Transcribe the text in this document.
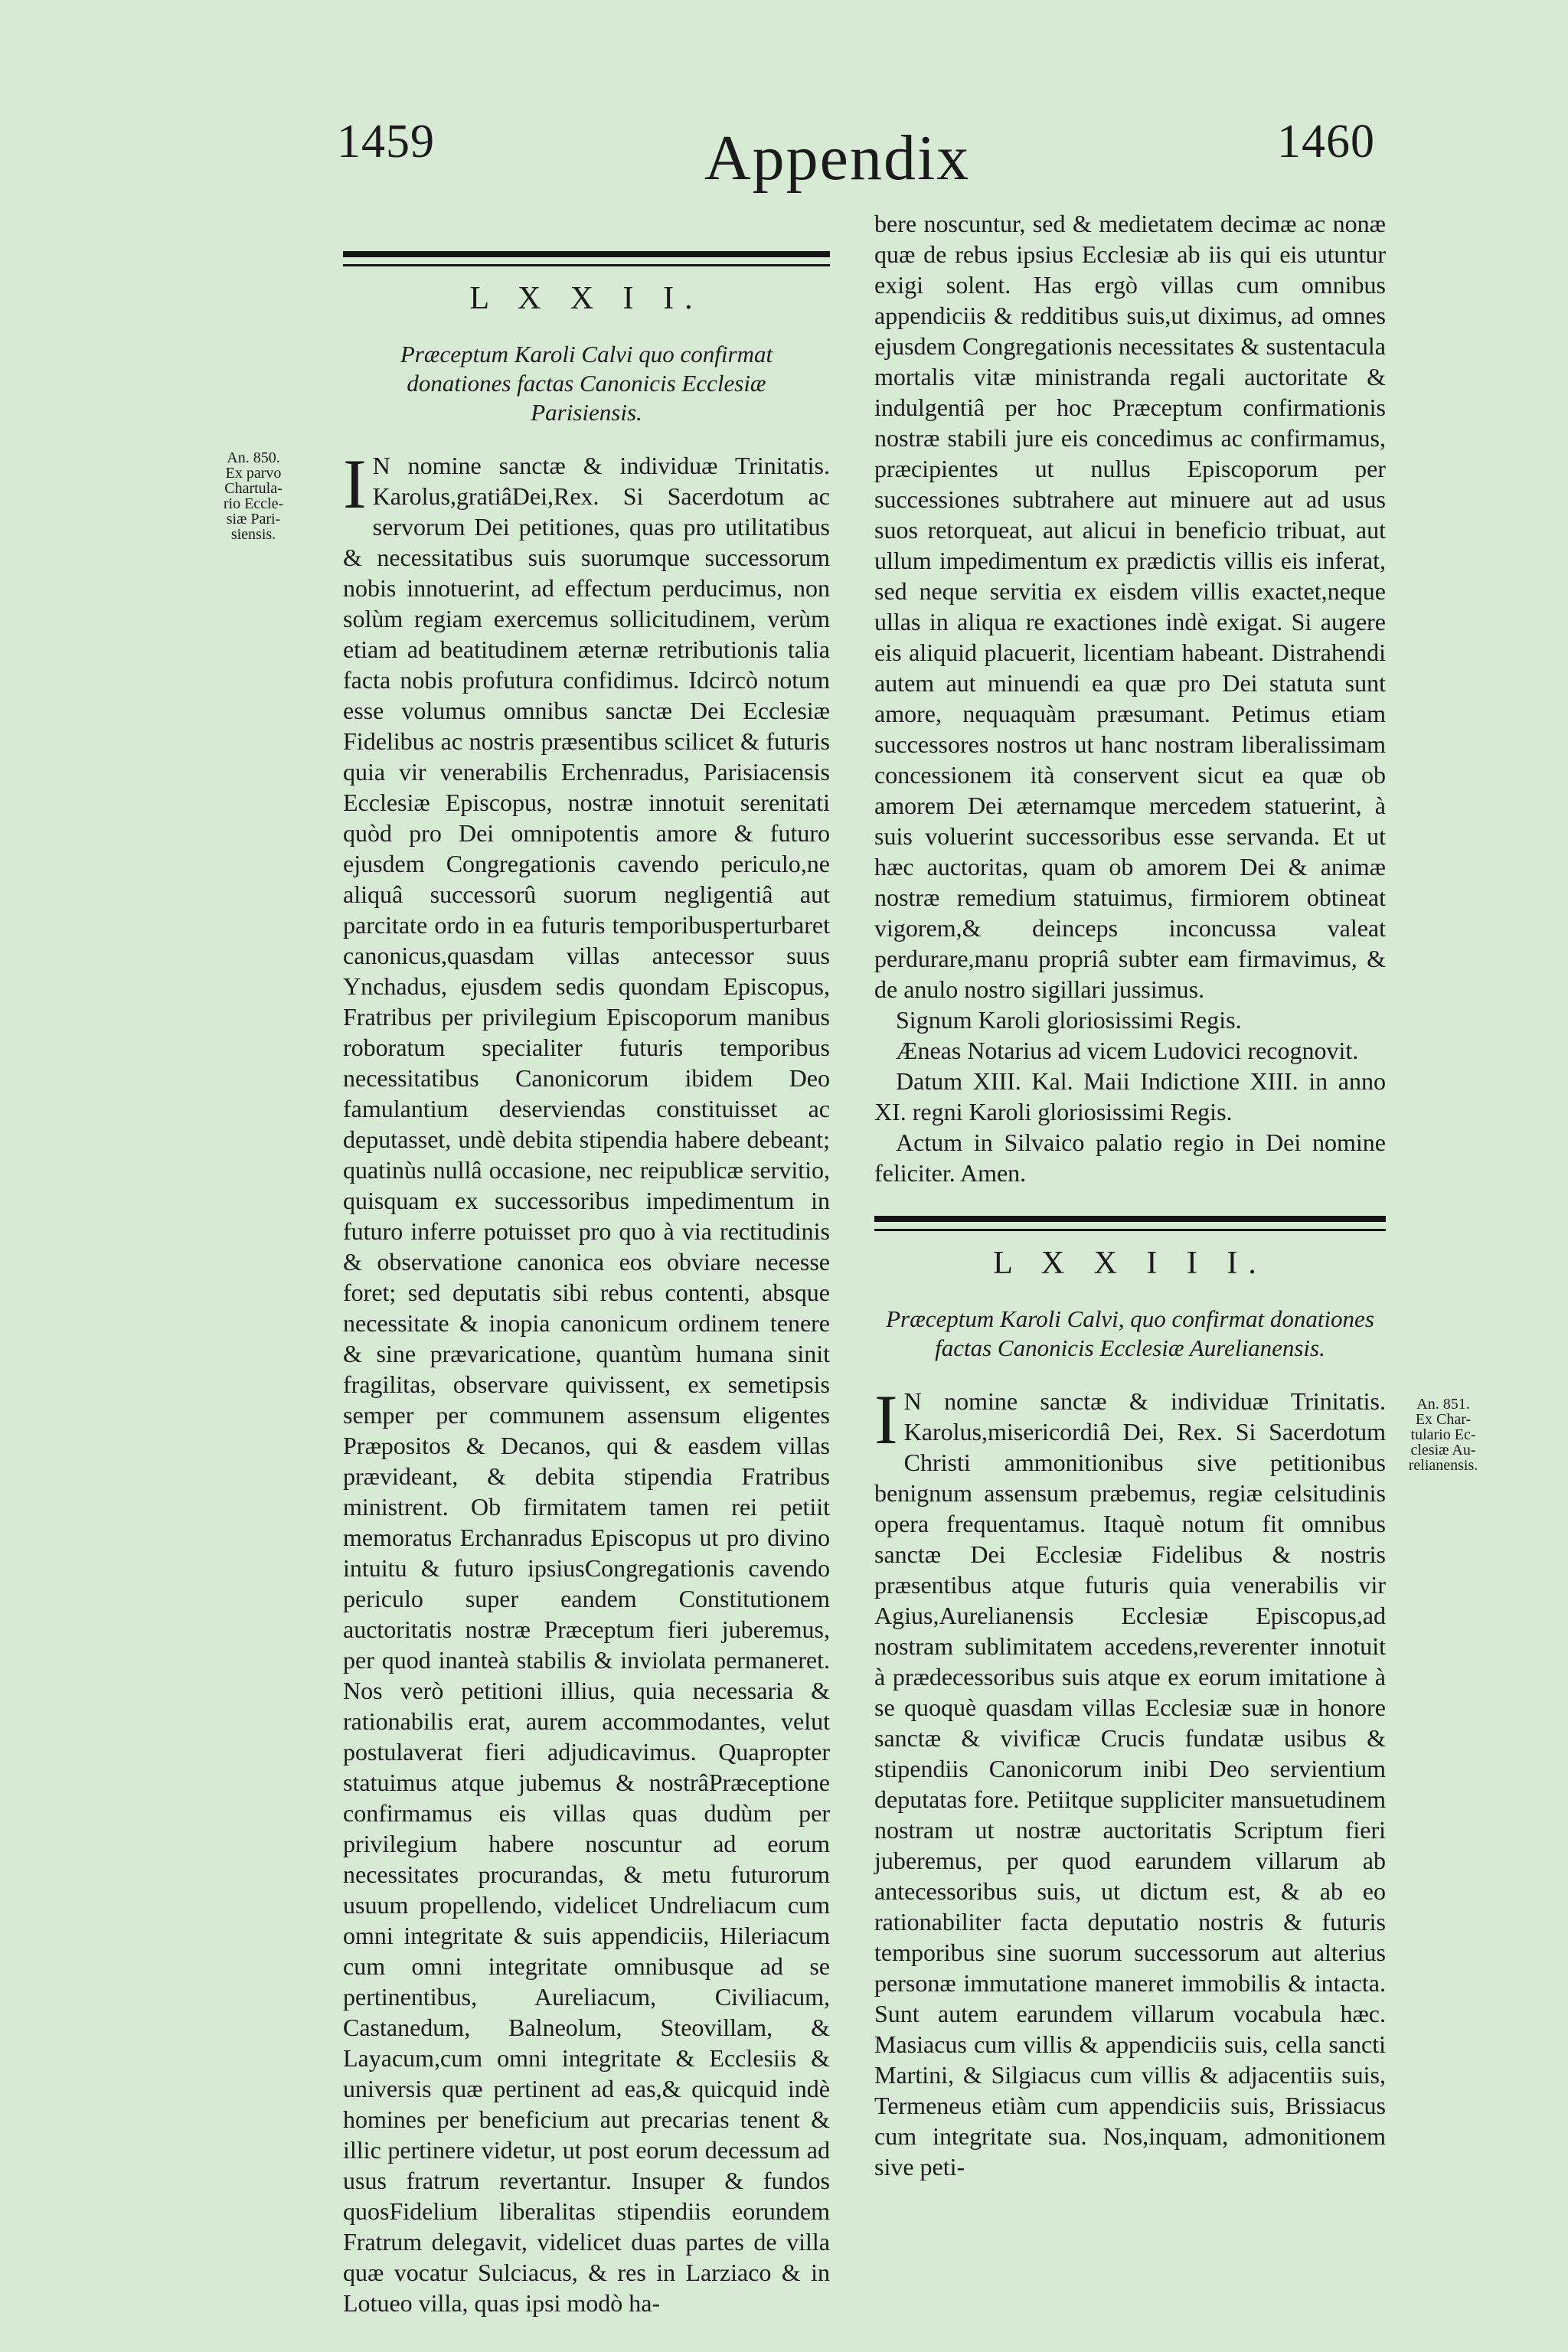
1459	Appendix	1460
An. 850.
Ex parvo
Chartula-
rio Eccle-
siæ Pari-
siensis.
L X X I I.
Præceptum Karoli Calvi quo confirmat donationes factas Canonicis Ecclesiæ Parisiensis.

I N nomine sanctæ & individuæ Trinitatis. Karolus,gratiâDei,Rex. Si Sacerdotum ac servorum Dei petitiones, quas pro utilitatibus & necessitatibus suis suorumque successorum nobis innotuerint, ad effectum perducimus, non solùm regiam exercemus sollicitudinem, verùm etiam ad beatitudinem æternæ retributionis talia facta nobis profutura confidimus. Idcircò notum esse volumus omnibus sanctæ Dei Ecclesiæ Fidelibus ac nostris præsentibus scilicet & futuris quia vir venerabilis Erchenradus, Parisiacensis Ecclesiæ Episcopus, nostræ innotuit serenitati quòd pro Dei omnipotentis amore & futuro ejusdem Congregationis cavendo periculo,ne aliquâ successorû suorum negligentiâ aut parcitate ordo in ea futuris temporibusperturbaret canonicus,quasdam villas antecessor suus Ynchadus, ejusdem sedis quondam Episcopus, Fratribus per privilegium Episcoporum manibus roboratum specialiter futuris temporibus necessitatibus Canonicorum ibidem Deo famulantium deserviendas constituisset ac deputasset, undè debita stipendia habere debeant; quatinùs nullâ occasione, nec reipublicæ servitio, quisquam ex successoribus impedimentum in futuro inferre potuisset pro quo à via rectitudinis & observatione canonica eos obviare necesse foret; sed deputatis sibi rebus contenti, absque necessitate & inopia canonicum ordinem tenere & sine prævaricatione, quantùm humana sinit fragilitas, observare quivissent, ex semetipsis semper per communem assensum eligentes Præpositos & Decanos, qui & easdem villas prævideant, & debita stipendia Fratribus ministrent. Ob firmitatem tamen rei petiit memoratus Erchanradus Episcopus ut pro divino intuitu & futuro ipsiusCongregationis cavendo periculo super eandem Constitutionem auctoritatis nostræ Præceptum fieri juberemus, per quod inanteà stabilis & inviolata permaneret. Nos verò petitioni illius, quia necessaria & rationabilis erat, aurem accommodantes, velut postulaverat fieri adjudicavimus. Quapropter statuimus atque jubemus & nostrâPræceptione confirmamus eis villas quas dudùm per privilegium habere noscuntur ad eorum necessitates procurandas, & metu futurorum usuum propellendo, videlicet Undreliacum cum omni integritate & suis appendiciis, Hileriacum cum omni integritate omnibusque ad se pertinentibus, Aureliacum, Civiliacum, Castanedum, Balneolum, Steovillam, & Layacum,cum omni integritate & Ecclesiis & universis quæ pertinent ad eas,& quicquid indè homines per beneficium aut precarias tenent & illic pertinere videtur, ut post eorum decessum ad usus fratrum revertantur. Insuper & fundos quosFidelium liberalitas stipendiis eorundem Fratrum delegavit, videlicet duas partes de villa quæ vocatur Sulciacus, & res in Larziaco & in Lotueo villa, quas ipsi modò ha-

bere noscuntur, sed & medietatem decimæ ac nonæ quæ de rebus ipsius Ecclesiæ ab iis qui eis utuntur exigi solent. Has ergò villas cum omnibus appendiciis & redditibus suis,ut diximus, ad omnes ejusdem Congregationis necessitates & sustentacula mortalis vitæ ministranda regali auctoritate & indulgentiâ per hoc Præceptum confirmationis nostræ stabili jure eis concedimus ac confirmamus, præcipientes ut nullus Episcoporum per successiones subtrahere aut minuere aut ad usus suos retorqueat, aut alicui in beneficio tribuat, aut ullum impedimentum ex prædictis villis eis inferat, sed neque servitia ex eisdem villis exactet,neque ullas in aliqua re exactiones indè exigat. Si augere eis aliquid placuerit, licentiam habeant. Distrahendi autem aut minuendi ea quæ pro Dei statuta sunt amore, nequaquàm præsumant. Petimus etiam successores nostros ut hanc nostram liberalissimam concessionem ità conservent sicut ea quæ ob amorem Dei æternamque mercedem statuerint, à suis voluerint successoribus esse servanda. Et ut hæc auctoritas, quam ob amorem Dei & animæ nostræ remedium statuimus, firmiorem obtineat vigorem,& deinceps inconcussa valeat perdurare,manu propriâ subter eam firmavimus, & de anulo nostro sigillari jussimus.

Signum Karoli gloriosissimi Regis.

Æneas Notarius ad vicem Ludovici recognovit.

Datum XIII. Kal. Maii Indictione XIII. in anno XI. regni Karoli gloriosissimi Regis.

Actum in Silvaico palatio regio in Dei nomine feliciter. Amen.

L X X I I I.
Præceptum Karoli Calvi, quo confirmat donationes factas Canonicis Ecclesiæ Aurelianensis.

I N nomine sanctæ & individuæ Trinitatis. Karolus,misericordiâ Dei, Rex. Si Sacerdotum Christi ammonitionibus sive petitionibus benignum assensum præbemus, regiæ celsitudinis opera frequentamus. Itaquè notum fit omnibus sanctæ Dei Ecclesiæ Fidelibus & nostris præsentibus atque futuris quia venerabilis vir Agius,Aurelianensis Ecclesiæ Episcopus,ad nostram sublimitatem accedens,reverenter innotuit à prædecessoribus suis atque ex eorum imitatione à se quoquè quasdam villas Ecclesiæ suæ in honore sanctæ & vivificæ Crucis fundatæ usibus & stipendiis Canonicorum inibi Deo servientium deputatas fore. Petiitque suppliciter mansuetudinem nostram ut nostræ auctoritatis Scriptum fieri juberemus, per quod earundem villarum ab antecessoribus suis, ut dictum est, & ab eo rationabiliter facta deputatio nostris & futuris temporibus sine suorum successorum aut alterius personæ immutatione maneret immobilis & intacta. Sunt autem earundem villarum vocabula hæc. Masiacus cum villis & appendiciis suis, cella sancti Martini, & Silgiacus cum villis & adjacentiis suis, Termeneus etiàm cum appendiciis suis, Brissiacus cum integritate sua. Nos,inquam, admonitionem sive peti-

An. 851.
Ex Char-
tulario Ec-
clesiæ Au-
relianensis.
